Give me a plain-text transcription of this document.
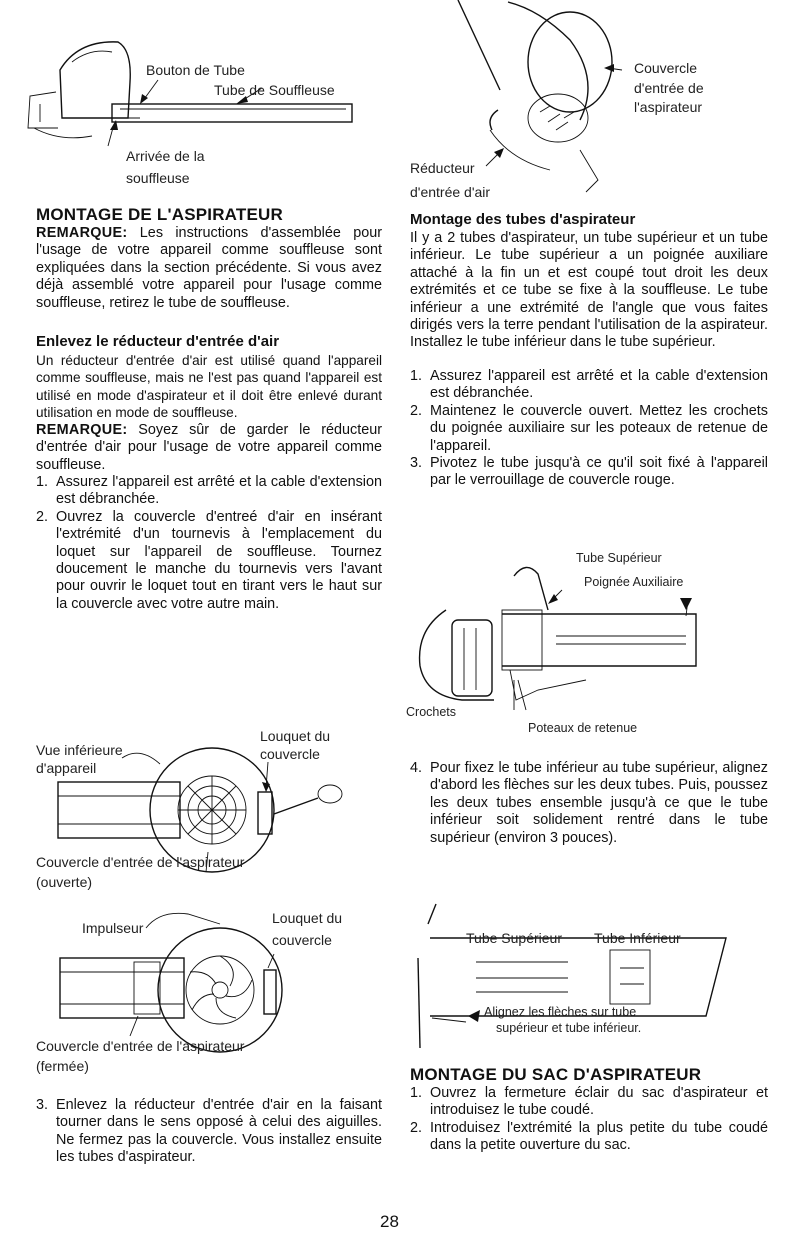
Bouton de Tube
Tube de Souffleuse
Arrivée de la
souffleuse
Couvercle
d'entrée de
l'aspirateur
Réducteur
d'entrée d'air
MONTAGE DE L'ASPIRATEUR

REMARQUE: Les instructions d'assemblée pour l'usage de votre appareil comme souffleuse sont expliquées dans la section précédente. Si vous avez déjà assemblé votre appareil pour l'usage comme souffleuse, retirez le tube de souffleuse.

Enlevez le réducteur d'entrée d'air

Un réducteur d'entrée d'air est utilisé quand l'appareil comme souffleuse, mais ne l'est pas quand l'appareil est utilisé en mode d'aspirateur et il doit être enlevé durant utilisation en mode de souffleuse.

REMARQUE: Soyez sûr de garder le réducteur d'entrée d'air pour l'usage de votre appareil comme souffleuse.

1. Assurez l'appareil est arrêté et la cable d'extension est débranchée.
2. Ouvrez la couvercle d'entreé d'air en insérant l'extrémité d'un tournevis à l'emplacement du loquet sur l'appareil de souffleuse. Tournez doucement le manche du tournevis vers l'avant pour ouvrir le loquet tout en tirant vers le haut sur la couvercle avec votre autre main.
Vue inférieure
d'appareil
Louquet du
couvercle
Couvercle d'entrée de l'aspirateur
(ouverte)
Impulseur
Louquet du
couvercle
Couvercle d'entrée de l'aspirateur
(fermée)
3. Enlevez la réducteur d'entrée d'air en la faisant tourner dans le sens opposé à celui des aiguilles. Ne fermez pas la couvercle. Vous installez ensuite les tubes d'aspirateur.
Montage des tubes d'aspirateur

Il y a 2 tubes d'aspirateur, un tube supérieur et un tube inférieur. Le tube supérieur a un poignée auxiliare attaché à la fin un et est coupé tout droit les deux extrémités et ce tube se fixe à la souffleuse. Le tube inférieur a une extrémité de l'angle que vous faites dirigés vers la terre pendant l'utilisation de la aspirateur. Installez le tube inférieur dans le tube supérieur.

1. Assurez l'appareil est arrêté et la cable d'extension est débranchée.
2. Maintenez le couvercle ouvert. Mettez les crochets du poignée auxiliaire sur les poteaux de retenue de l'appareil.
3. Pivotez le tube jusqu'à ce qu'il soit fixé à l'appareil par le verrouillage de couvercle rouge.
Tube Supérieur
Poignée Auxiliaire
Crochets
Poteaux de retenue
4. Pour fixez le tube inférieur au tube supérieur, alignez d'abord les flèches sur les deux tubes. Puis, poussez les deux tubes ensemble jusqu'à ce que le tube inférieur soit solidement rentré dans le tube supérieur (environ 3 pouces).
Tube Supérieur Tube Inférieur
Alignez les flèches sur tube
supérieur et tube inférieur.
MONTAGE DU SAC D'ASPIRATEUR
1. Ouvrez la fermeture éclair du sac d'aspirateur et introduisez le tube coudé.
2. Introduisez l'extrémité la plus petite du tube coudé dans la petite ouverture du sac.
28
